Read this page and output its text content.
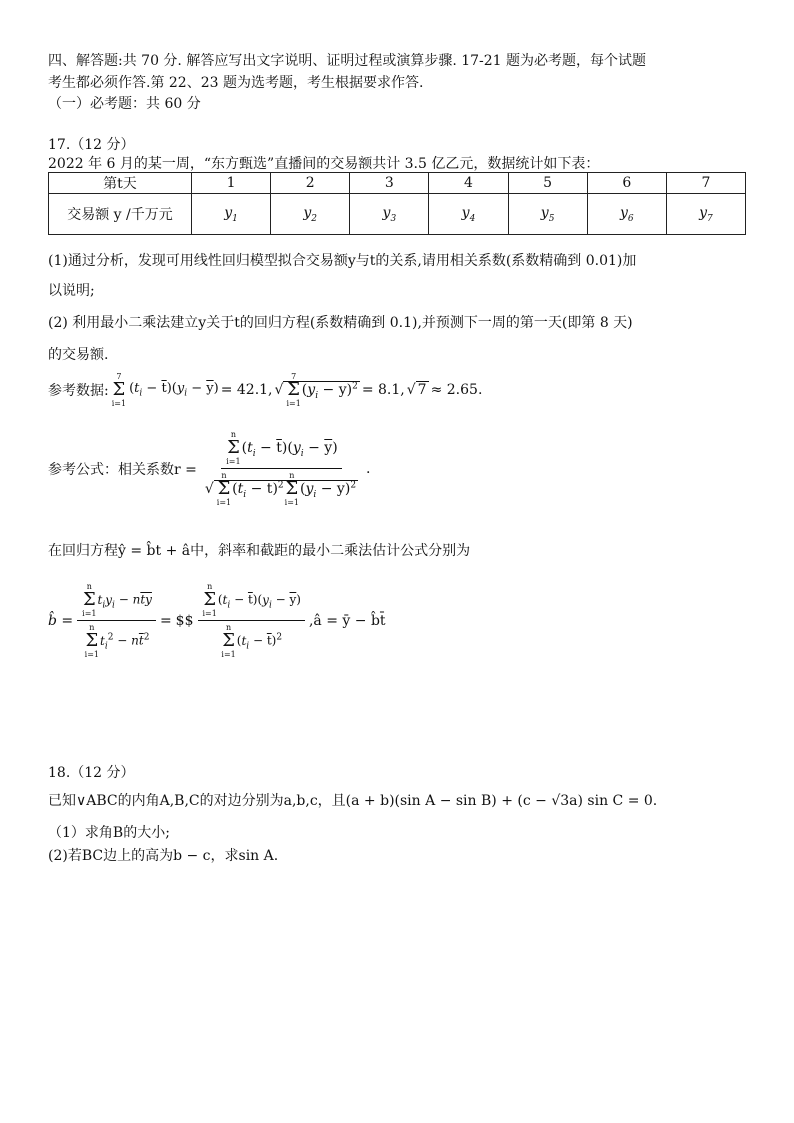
四、解答题:共 70 分. 解答应写出文字说明、证明过程或演算步骤. 17-21 题为必考题，每个试题
考生都必须作答.第 22、23 题为选考题，考生根据要求作答.
（一）必考题：共 60 分
17.（12 分）
2022 年 6 月的某一周，“东方甄选”直播间的交易额共计 3.5 亿乙元，数据统计如下表：
第t天	1	2	3	4	5	6	7
交易额 y /千万元	$y_1$	$y_2$	$y_3$	$y_4$	$y_5$	$y_6$	$y_7$
(1)通过分析，发现可用线性回归模型拟合交易额y与t的关系,请用相关系数(系数精确到 0.01)加
以说明;
(2) 利用最小二乘法建立y关于t的回归方程(系数精确到 0.1),并预测下一周的第一天(即第 8 天)
的交易额.
参考数据:
7
Σ
i=1
$(t_i - \overline{t})(y_i - \overline{y}) = 42.1$, √
7
Σ
i=1
$(y_i - \overline{y})^2 = 8.1$, √ 7 ≈ 2.65.
参考公式：相关系数r = n
Σ
i=1
$(t_i - \overline{t})(y_i - \overline{y})$
√
n
Σ
i=1
$(t_i - \overline{t})^2$
n
Σ
i=1
$(y_i - \overline{y})^2$ .
在回归方程ŷ = b̂t + â中，斜率和截距的最小二乘法估计公式分别为
b̂ = n
Σ
i=1
$t_iy_i - n\overline{ty}$
n
Σ
i=1
$t_i^2 - n\overline{t}^2$ = $$ n
Σ
i=1
$(t_i - \overline{t})(y_i - \overline{y})$
n
Σ
i=1
$(t_i - \overline{t})^2$ ,â = ȳ − b̂t̄
18.（12 分）
已知∨ABC的内角A,B,C的对边分别为a,b,c，且(a + b)(sin A − sin B) + (c − √3a) sin C = 0.
（1）求角B的大小;
(2)若BC边上的高为b − c，求sin A.
